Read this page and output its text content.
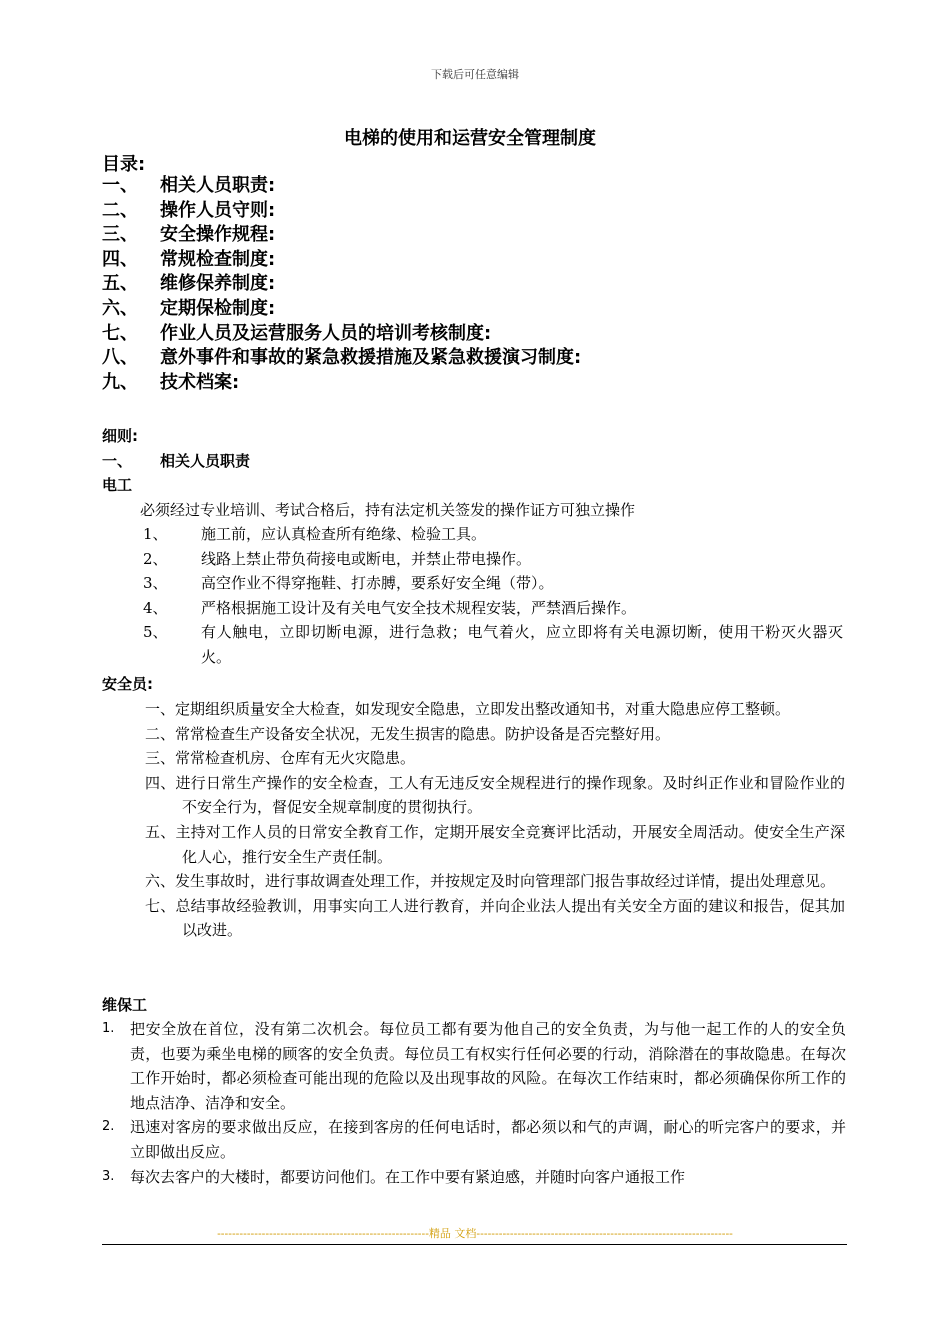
下载后可任意编辑
电梯的使用和运营安全管理制度
目录:
一、 相关人员职责:
二、 操作人员守则:
三、 安全操作规程:
四、 常规检查制度:
五、 维修保养制度:
六、 定期保检制度:
七、 作业人员及运营服务人员的培训考核制度:
八、 意外事件和事故的紧急救援措施及紧急救援演习制度:
九、 技术档案:
细则:
一、 相关人员职责
电工
必须经过专业培训、考试合格后，持有法定机关签发的操作证方可独立操作
1、	施工前，应认真检查所有绝缘、检验工具。
2、	线路上禁止带负荷接电或断电，并禁止带电操作。
3、	高空作业不得穿拖鞋、打赤膊，要系好安全绳（带）。
4、	严格根据施工设计及有关电气安全技术规程安装，严禁酒后操作。
5、	有人触电，立即切断电源，进行急救；电气着火，应立即将有关电源切断，使用干粉灭火器灭火。
安全员:
一、定期组织质量安全大检查，如发现安全隐患，立即发出整改通知书，对重大隐患应停工整顿。
二、常常检查生产设备安全状况，无发生损害的隐患。防护设备是否完整好用。
三、常常检查机房、仓库有无火灾隐患。
四、进行日常生产操作的安全检查，工人有无违反安全规程进行的操作现象。及时纠正作业和冒险作业的不安全行为，督促安全规章制度的贯彻执行。
五、主持对工作人员的日常安全教育工作，定期开展安全竞赛评比活动，开展安全周活动。使安全生产深化人心，推行安全生产责任制。
六、发生事故时，进行事故调查处理工作，并按规定及时向管理部门报告事故经过详情，提出处理意见。
七、总结事故经验教训，用事实向工人进行教育，并向企业法人提出有关安全方面的建议和报告，促其加以改进。
维保工
1.	把安全放在首位，没有第二次机会。每位员工都有要为他自己的安全负责，为与他一起工作的人的安全负责，也要为乘坐电梯的顾客的安全负责。每位员工有权实行任何必要的行动，消除潜在的事故隐患。在每次工作开始时，都必须检查可能出现的危险以及出现事故的风险。在每次工作结束时，都必须确保你所工作的地点洁净、洁净和安全。
2.	迅速对客房的要求做出反应，在接到客房的任何电话时，都必须以和气的声调，耐心的听完客户的要求，并立即做出反应。
3.	每次去客户的大楼时，都要访问他们。在工作中要有紧迫感，并随时向客户通报工作
---------------------------------------------------------精品 文档---------------------------------------------------------------------
